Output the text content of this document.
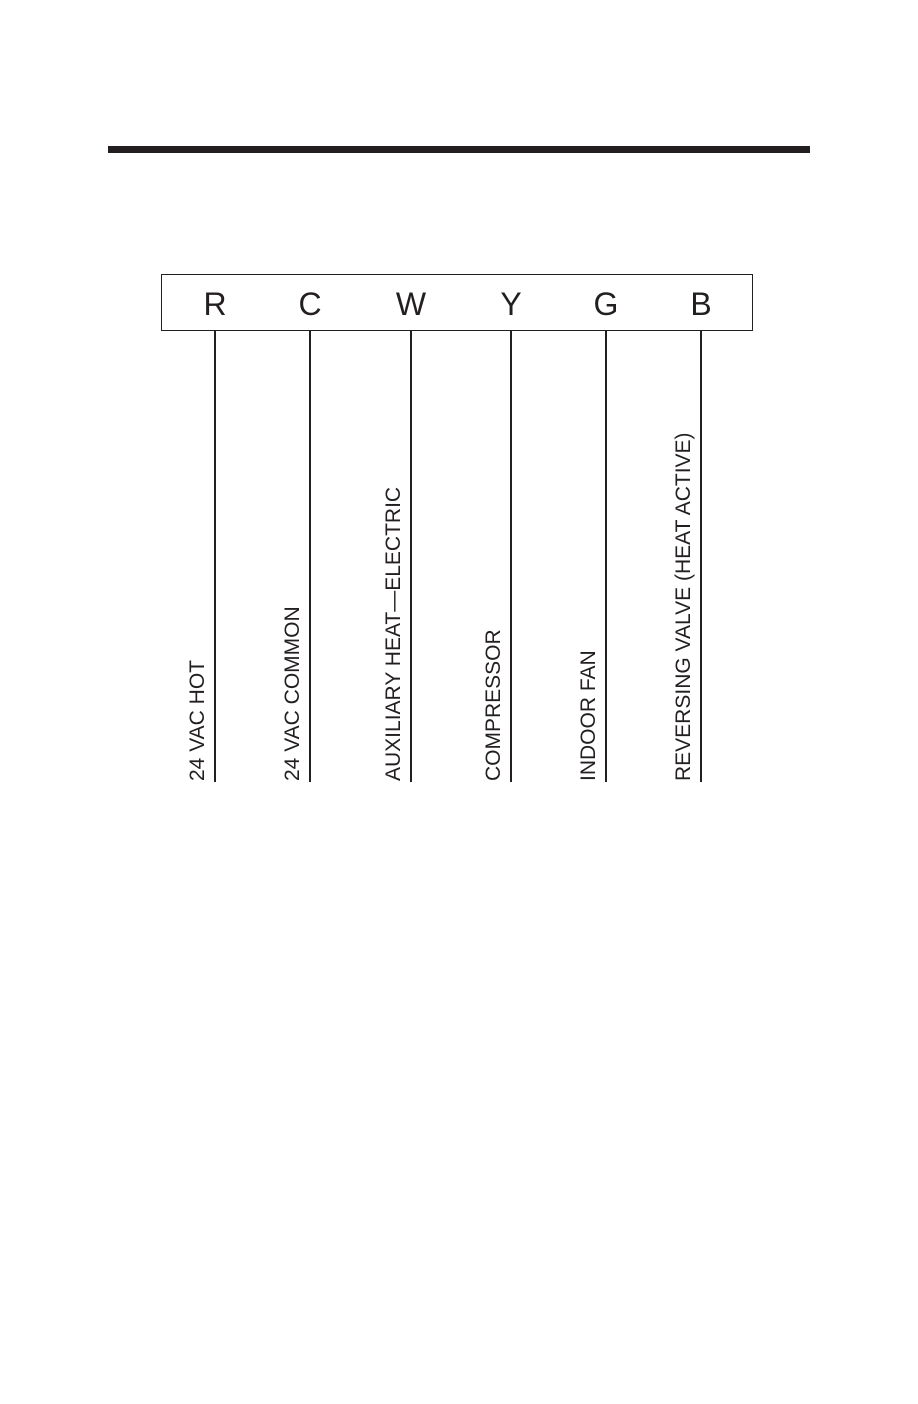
R
24 VAC HOT
C
24 VAC COMMON
W
AUXILIARY HEAT—ELECTRIC
Y
COMPRESSOR
G
INDOOR FAN
B
REVERSING VALVE (HEAT ACTIVE)
